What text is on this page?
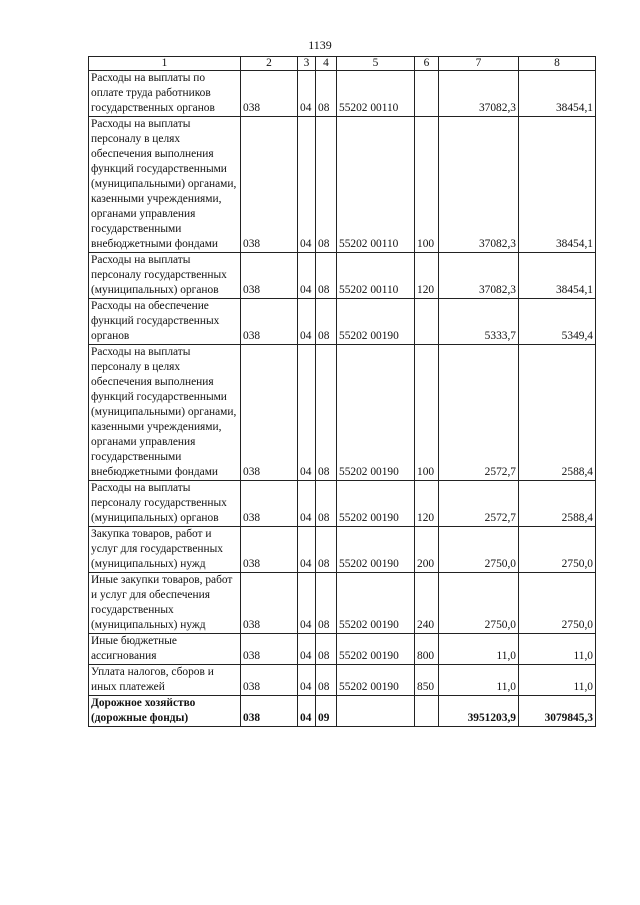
1139
1	2	3	4	5	6	7	8
Расходы на выплаты по оплате труда работников государственных органов	038	04	08	55202 00110		37082,3	38454,1
Расходы на выплаты персоналу в целях обеспечения выполнения функций государственными (муниципальными) органами, казенными учреждениями, органами управления государственными внебюджетными фондами	038	04	08	55202 00110	100	37082,3	38454,1
Расходы на выплаты персоналу государственных (муниципальных) органов	038	04	08	55202 00110	120	37082,3	38454,1
Расходы на обеспечение функций государственных органов	038	04	08	55202 00190		5333,7	5349,4
Расходы на выплаты персоналу в целях обеспечения выполнения функций государственными (муниципальными) органами, казенными учреждениями, органами управления государственными внебюджетными фондами	038	04	08	55202 00190	100	2572,7	2588,4
Расходы на выплаты персоналу государственных (муниципальных) органов	038	04	08	55202 00190	120	2572,7	2588,4
Закупка товаров, работ и услуг для государственных (муниципальных) нужд	038	04	08	55202 00190	200	2750,0	2750,0
Иные закупки товаров, работ и услуг для обеспечения государственных (муниципальных) нужд	038	04	08	55202 00190	240	2750,0	2750,0
Иные бюджетные ассигнования	038	04	08	55202 00190	800	11,0	11,0
Уплата налогов, сборов и иных платежей	038	04	08	55202 00190	850	11,0	11,0
Дорожное хозяйство (дорожные фонды)	038	04	09			3951203,9	3079845,3
